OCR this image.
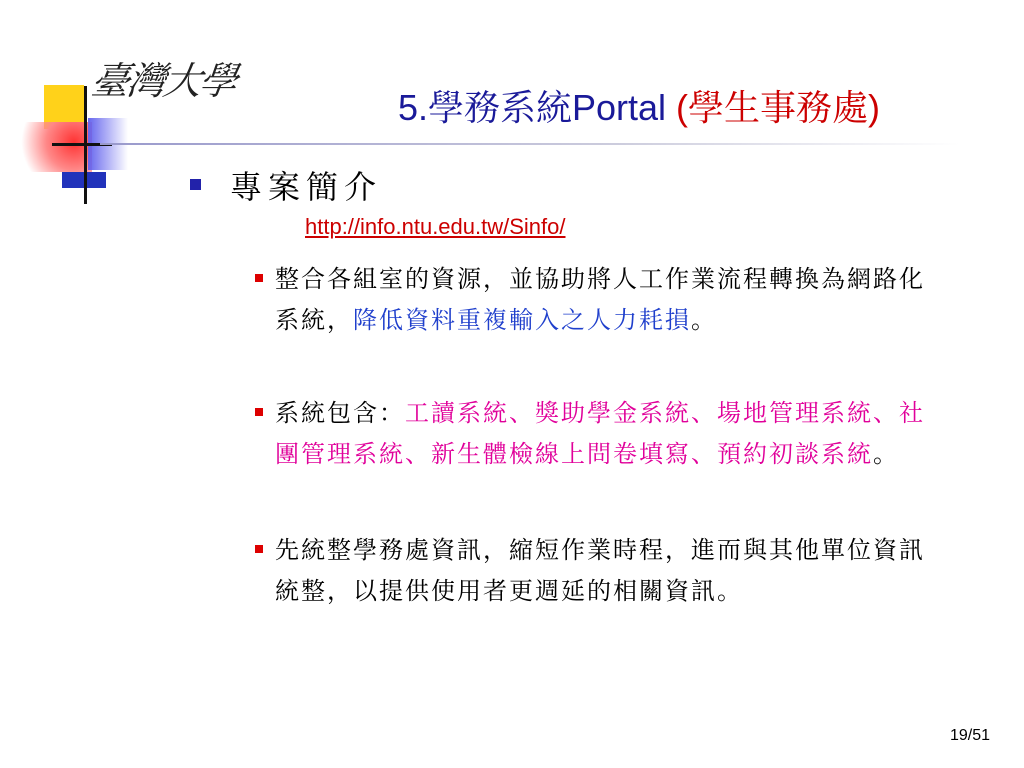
臺灣大學
5.學務系統Portal (學生事務處)
專案簡介
http://info.ntu.edu.tw/Sinfo/
整合各組室的資源，並協助將人工作業流程轉換為網路化系統，降低資料重複輸入之人力耗損。
系統包含：工讀系統、獎助學金系統、場地管理系統、社團管理系統、新生體檢線上問卷填寫、預約初談系統。
先統整學務處資訊，縮短作業時程，進而與其他單位資訊統整，以提供使用者更週延的相關資訊。
19/51
